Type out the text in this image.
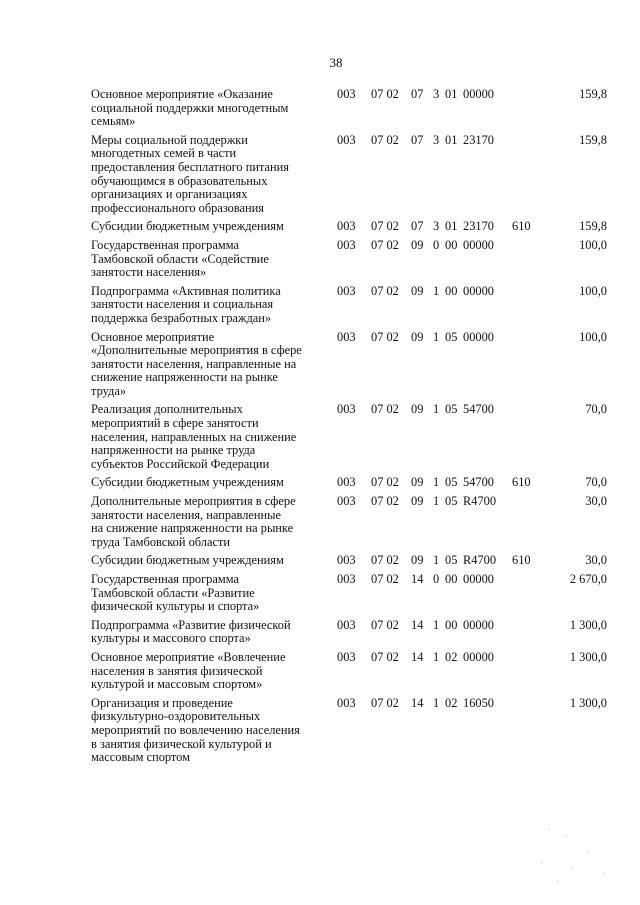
38
Основное мероприятие «Оказание
социальной поддержки многодетным
семьям»
003 07 02 07 3 01 00000	159,8
Меры социальной поддержки
многодетных семей в части
предоставления бесплатного питания
обучающимся в образовательных
организациях и организациях
профессионального образования
003 07 02 07 3 01 23170	159,8
Субсидии бюджетным учреждениям	003 07 02 07 3 01 23170 610	159,8
Государственная программа
Тамбовской области «Содействие
занятости населения»
003 07 02 09 0 00 00000	100,0
Подпрограмма «Активная политика
занятости населения и социальная
поддержка безработных граждан»
003 07 02 09 1 00 00000	100,0
Основное мероприятие
«Дополнительные мероприятия в сфере
занятости населения, направленные на
снижение напряженности на рынке
труда»
003 07 02 09 1 05 00000	100,0
Реализация дополнительных
мероприятий в сфере занятости
населения, направленных на снижение
напряженности на рынке труда
субъектов Российской Федерации
003 07 02 09 1 05 54700	70,0
Субсидии бюджетным учреждениям	003 07 02 09 1 05 54700 610	70,0
Дополнительные мероприятия в сфере
занятости населения, направленные
на снижение напряженности на рынке
труда Тамбовской области
003 07 02 09 1 05 R4700	30,0
Субсидии бюджетным учреждениям	003 07 02 09 1 05 R4700 610	30,0
Государственная программа
Тамбовской области «Развитие
физической культуры и спорта»
003 07 02 14 0 00 00000	2 670,0
Подпрограмма «Развитие физической
культуры и массового спорта»
003 07 02 14 1 00 00000	1 300,0
Основное мероприятие «Вовлечение
населения в занятия физической
культурой и массовым спортом»
003 07 02 14 1 02 00000	1 300,0
Организация и проведение
физкультурно-оздоровительных
мероприятий по вовлечению населения
в занятия физической культурой и
массовым спортом
003 07 02 14 1 02 16050	1 300,0
